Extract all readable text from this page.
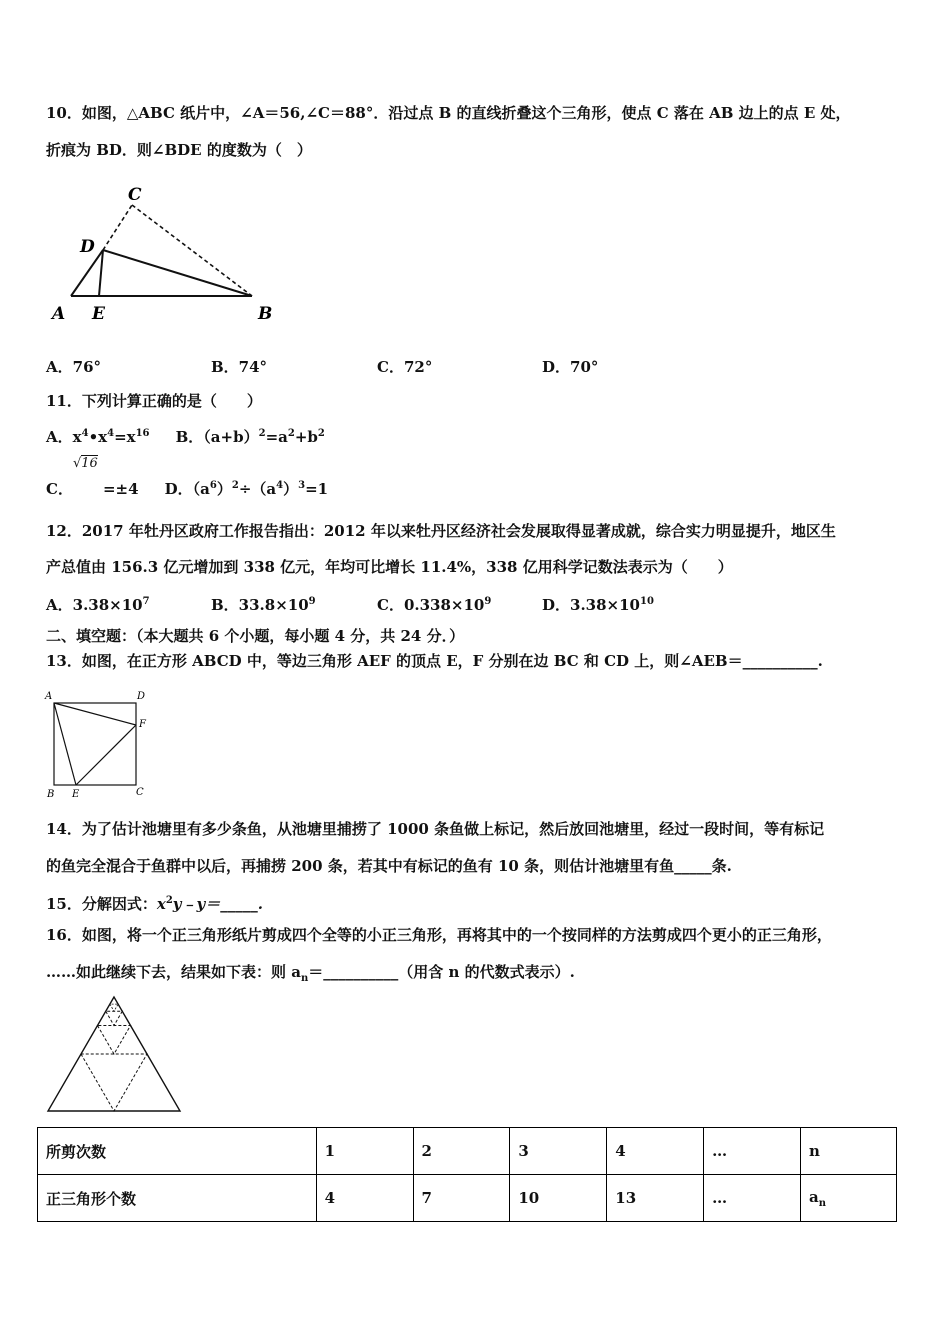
10．如图，△ABC 纸片中，∠A＝56,∠C＝88°．沿过点 B 的直线折叠这个三角形，使点 C 落在 AB 边上的点 E 处，
折痕为 BD．则∠BDE 的度数为（　）
C
D
A E	B
A．76°	B．74°	C．72°	D．70°
11．下列计算正确的是（　　）
A．$x^4•x^4=x^{16}$ B．$(a+b)^2=a^2+b^2$
C．
√16
=±4 D．$(a^6)^2\div(a^4)^3=1$
12．2017 年牡丹区政府工作报告指出：2012 年以来牡丹区经济社会发展取得显著成就，综合实力明显提升，地区生
产总值由 156.3 亿元增加到 338 亿元，年均可比增长 11.4%，338 亿用科学记数法表示为（　　）
A．$3.38\times 10^7$	B．$33.8\times 10^9$	C．$0.338\times 10^9$	D．$3.38\times 10^{10}$
二、填空题：（本大题共 6 个小题，每小题 4 分，共 24 分．）
13．如图，在正方形 ABCD 中，等边三角形 AEF 的顶点 E，F 分别在边 BC 和 CD 上，则∠AEB＝__________.
A	D
F
B E	C
14．为了估计池塘里有多少条鱼，从池塘里捕捞了 1000 条鱼做上标记，然后放回池塘里，经过一段时间，等有标记
的鱼完全混合于鱼群中以后，再捕捞 200 条，若其中有标记的鱼有 10 条，则估计池塘里有鱼_____条.
15．分解因式：$x^2y﹣y=\_\_\_\_\_$.
16．如图，将一个正三角形纸片剪成四个全等的小正三角形，再将其中的一个按同样的方法剪成四个更小的正三角形，
……如此继续下去，结果如下表：则 $a_n=\_\_\_\_\_\_\_\_\_\_$（用含 n 的代数式表示）.
所剪次数	1	2	3	4	…	n
正三角形个数	4	7	10	13	…	$a_n$
